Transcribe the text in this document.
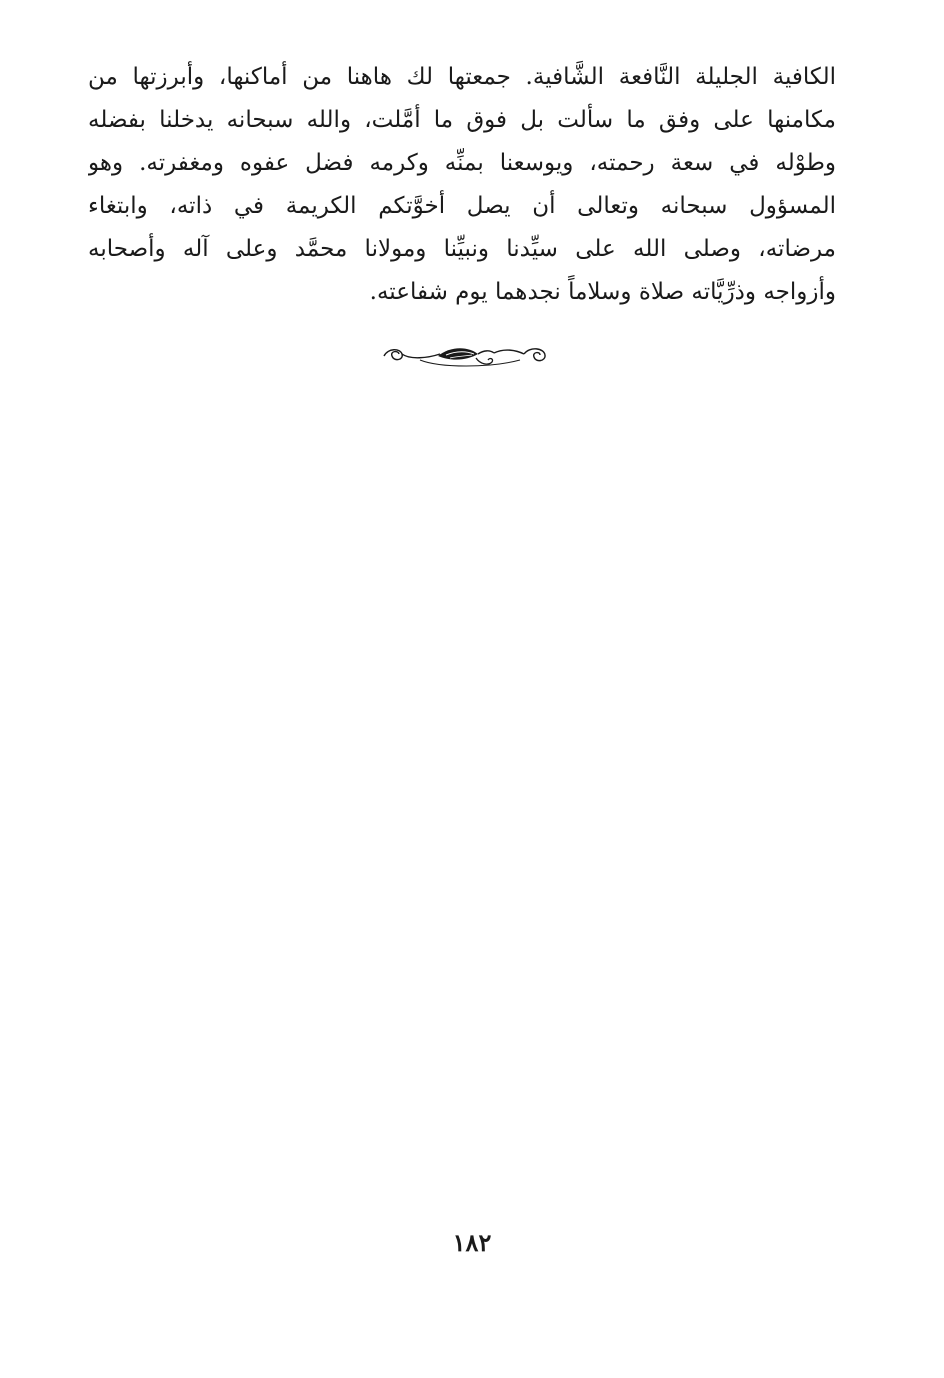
الكافية الجليلة النَّافعة الشَّافية. جمعتها لك هاهنا من أماكنها، وأبرزتها من
مكامنها على وفق ما سألت بل فوق ما أمَّلت، والله سبحانه يدخلنا بفضله
وطوْله في سعة رحمته، ويوسعنا بمنِّه وكرمه فضل عفوه ومغفرته. وهو
المسؤول سبحانه وتعالى أن يصل أخوَّتكم الكريمة في ذاته، وابتغاء
مرضاته، وصلى الله على سيِّدنا ونبيِّنا ومولانا محمَّد وعلى آله وأصحابه
وأزواجه وذرِّيَّاته صلاة وسلاماً نجدهما يوم شفاعته.
١٨٢
